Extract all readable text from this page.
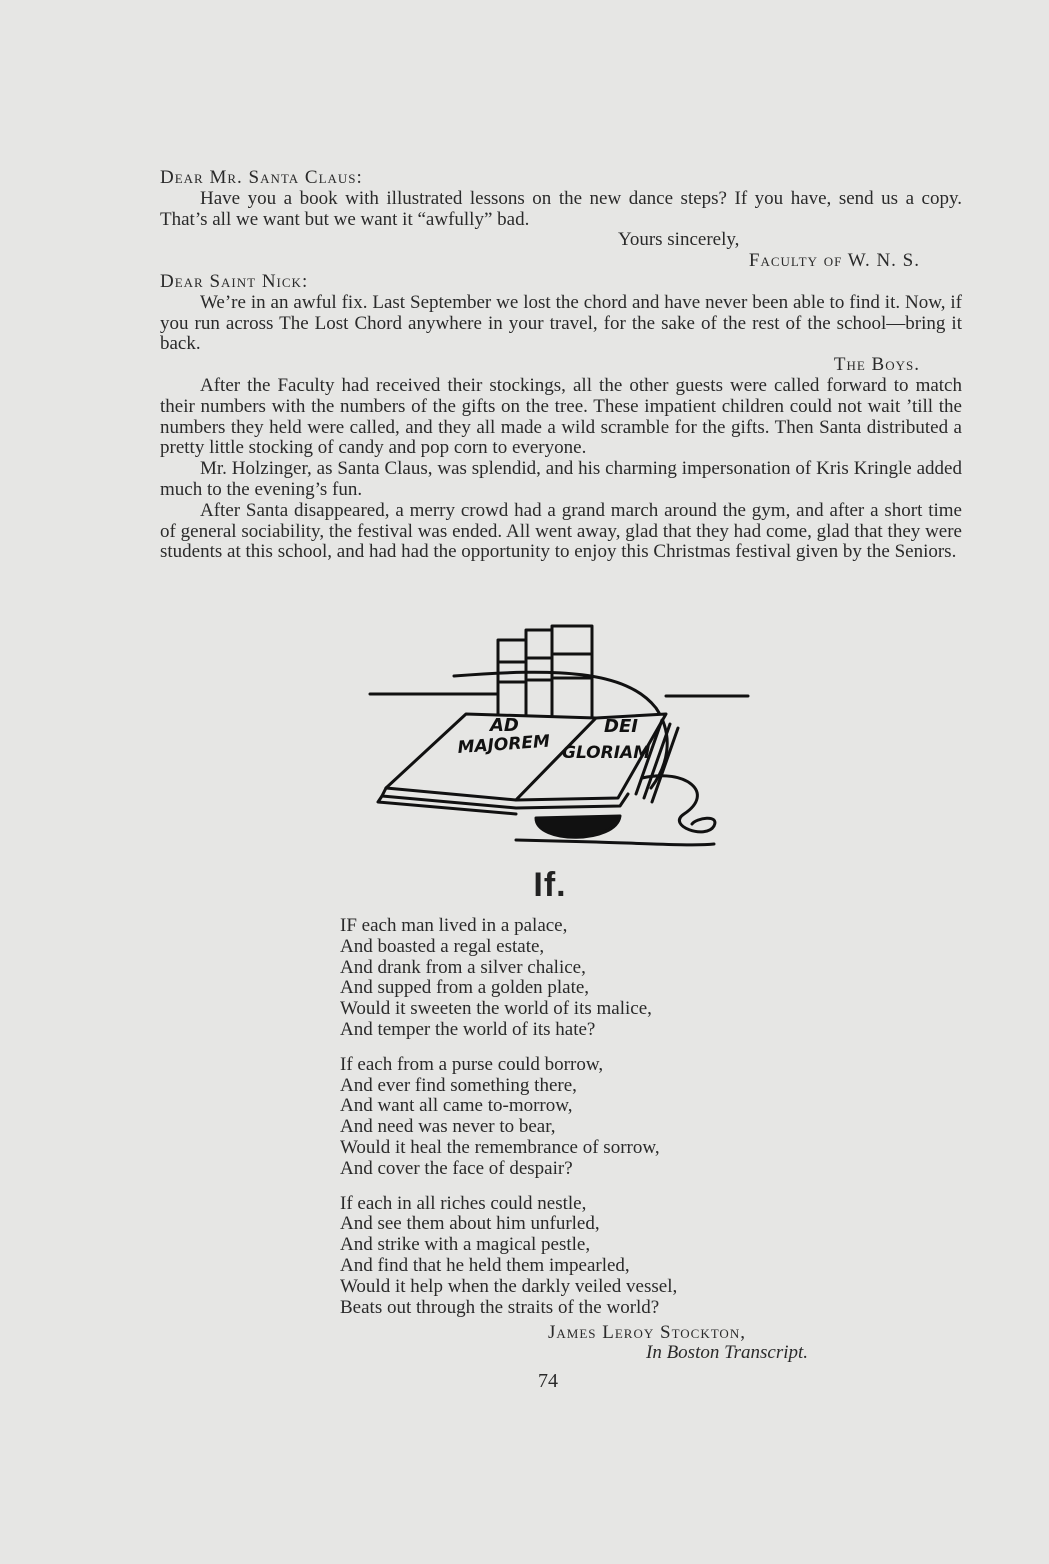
Dear Mr. Santa Claus:

Have you a book with illustrated lessons on the new dance steps? If you have, send us a copy. That’s all we want but we want it “awfully” bad.

Yours sincerely,

Faculty of W. N. S.

Dear Saint Nick:

We’re in an awful fix. Last September we lost the chord and have never been able to find it. Now, if you run across The Lost Chord anywhere in your travel, for the sake of the rest of the school—bring it back.

The Boys.

After the Faculty had received their stockings, all the other guests were called forward to match their numbers with the numbers of the gifts on the tree. These impatient children could not wait ’till the numbers they held were called, and they all made a wild scramble for the gifts. Then Santa distributed a pretty little stocking of candy and pop corn to everyone.

Mr. Holzinger, as Santa Claus, was splendid, and his charming impersonation of Kris Kringle added much to the evening’s fun.

After Santa disappeared, a merry crowd had a grand march around the gym, and after a short time of general sociability, the festival was ended. All went away, glad that they had come, glad that they were students at this school, and had had the opportunity to enjoy this Christmas festival given by the Seniors.

AD
MAJOREM
DEI
GLORIAM
If.
IF each man lived in a palace,
And boasted a regal estate,
And drank from a silver chalice,
And supped from a golden plate,
Would it sweeten the world of its malice,
And temper the world of its hate?
If each from a purse could borrow,
And ever find something there,
And want all came to-morrow,
And need was never to bear,
Would it heal the remembrance of sorrow,
And cover the face of despair?
If each in all riches could nestle,
And see them about him unfurled,
And strike with a magical pestle,
And find that he held them impearled,
Would it help when the darkly veiled vessel,
Beats out through the straits of the world?
James Leroy Stockton,
In Boston Transcript.
74
